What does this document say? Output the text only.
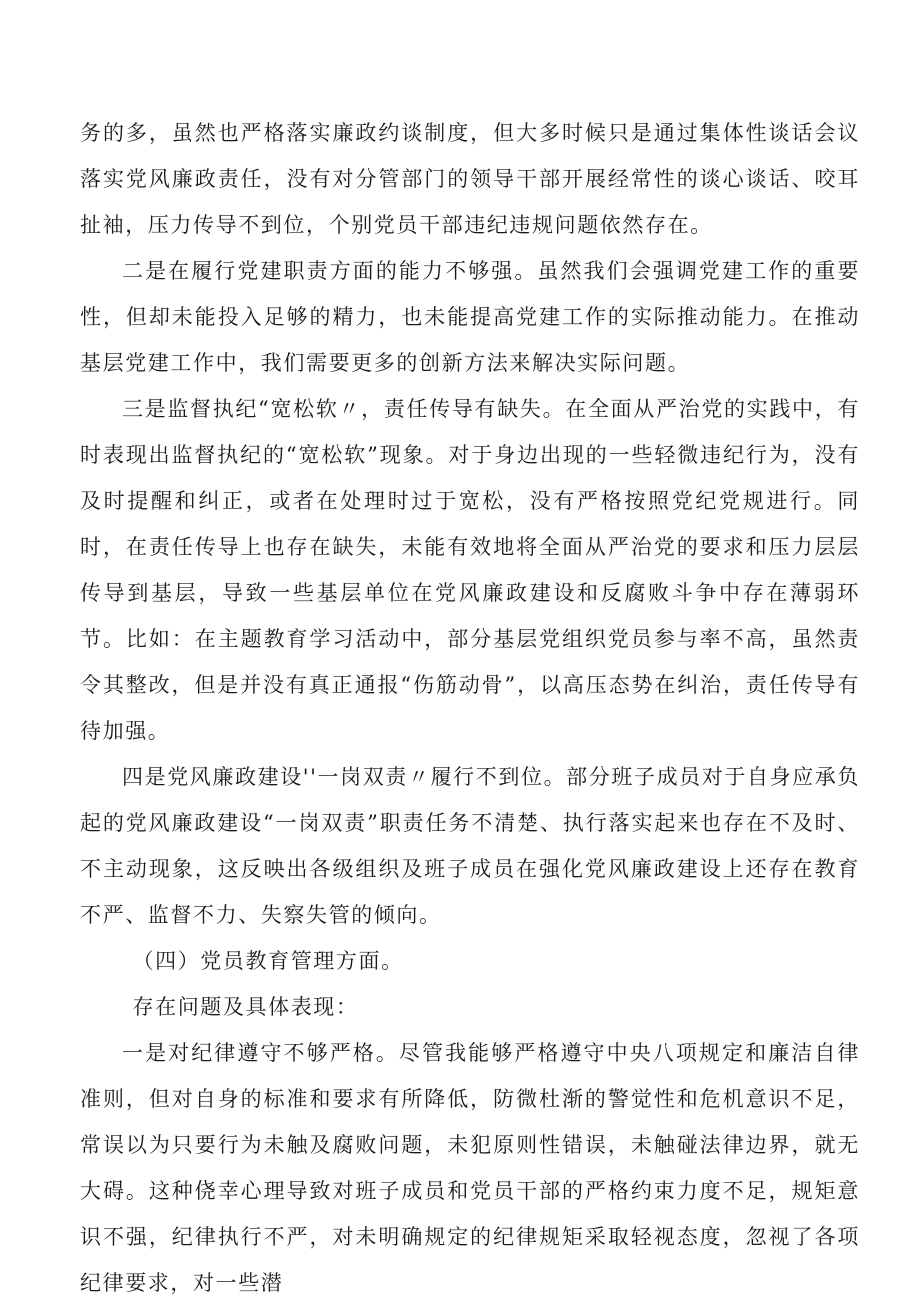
务的多，虽然也严格落实廉政约谈制度，但大多时候只是通过集体性谈话会议落实党风廉政责任，没有对分管部门的领导干部开展经常性的谈心谈话、咬耳扯袖，压力传导不到位，个别党员干部违纪违规问题依然存在。

二是在履行党建职责方面的能力不够强。虽然我们会强调党建工作的重要性，但却未能投入足够的精力，也未能提高党建工作的实际推动能力。在推动基层党建工作中，我们需要更多的创新方法来解决实际问题。

三是监督执纪“宽松软〃，责任传导有缺失。在全面从严治党的实践中，有时表现出监督执纪的“宽松软”现象。对于身边出现的一些轻微违纪行为，没有及时提醒和纠正，或者在处理时过于宽松，没有严格按照党纪党规进行。同时，在责任传导上也存在缺失，未能有效地将全面从严治党的要求和压力层层传导到基层，导致一些基层单位在党风廉政建设和反腐败斗争中存在薄弱环节。比如：在主题教育学习活动中，部分基层党组织党员参与率不高，虽然责令其整改，但是并没有真正通报“伤筋动骨”，以高压态势在纠治，责任传导有待加强。

四是党风廉政建设''一岗双责〃履行不到位。部分班子成员对于自身应承负起的党风廉政建设“一岗双责”职责任务不清楚、执行落实起来也存在不及时、不主动现象，这反映出各级组织及班子成员在强化党风廉政建设上还存在教育不严、监督不力、失察失管的倾向。

（四）党员教育管理方面。

存在问题及具体表现：

一是对纪律遵守不够严格。尽管我能够严格遵守中央八项规定和廉洁自律准则，但对自身的标准和要求有所降低，防微杜渐的警觉性和危机意识不足，常误以为只要行为未触及腐败问题，未犯原则性错误，未触碰法律边界，就无大碍。这种侥幸心理导致对班子成员和党员干部的严格约束力度不足，规矩意识不强，纪律执行不严，对未明确规定的纪律规矩采取轻视态度，忽视了各项纪律要求，对一些潜
